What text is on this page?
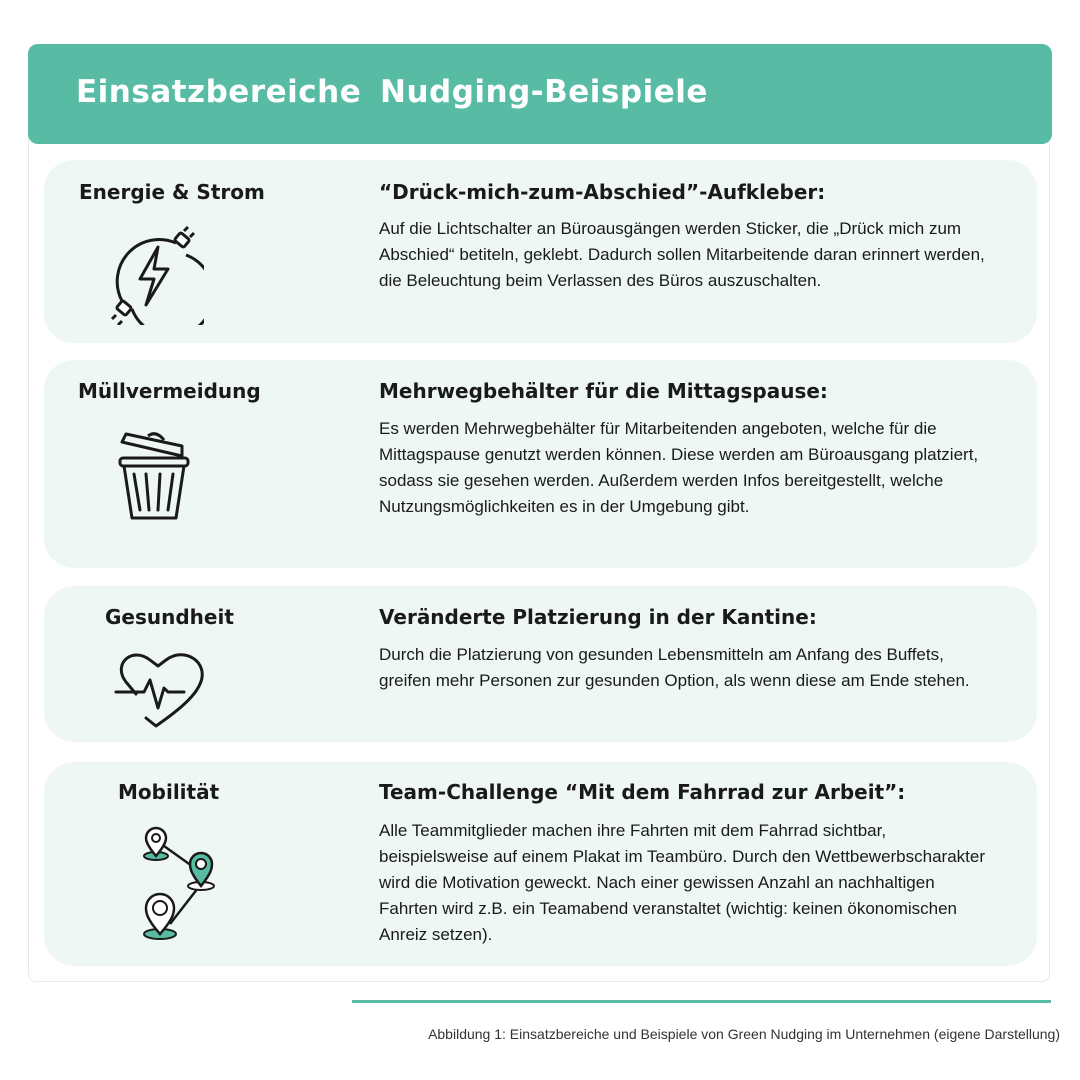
Einsatzbereiche Nudging-Beispiele
Energie & Strom	“Drück-mich-zum-Abschied”-Aufkleber:
Auf die Lichtschalter an Büroausgängen werden Sticker, die „Drück mich zum Abschied“ betiteln, geklebt. Dadurch sollen Mitarbeitende daran erinnert werden, die Beleuchtung beim Verlassen des Büros auszuschalten.
Müllvermeidung	Mehrwegbehälter für die Mittagspause:
Es werden Mehrwegbehälter für Mitarbeitenden angeboten, welche für die Mittagspause genutzt werden können. Diese werden am Büroausgang platziert, sodass sie gesehen werden. Außerdem werden Infos bereitgestellt, welche Nutzungsmöglichkeiten es in der Umgebung gibt.
Gesundheit	Veränderte Platzierung in der Kantine:
Durch die Platzierung von gesunden Lebensmitteln am Anfang des Buffets, greifen mehr Personen zur gesunden Option, als wenn diese am Ende stehen.
Mobilität	Team-Challenge “Mit dem Fahrrad zur Arbeit”:
Alle Teammitglieder machen ihre Fahrten mit dem Fahrrad sichtbar, beispielsweise auf einem Plakat im Teambüro. Durch den Wettbewerbscharakter wird die Motivation geweckt. Nach einer gewissen Anzahl an nachhaltigen Fahrten wird z.B. ein Teamabend veranstaltet (wichtig: keinen ökonomischen Anreiz setzen).
Abbildung 1: Einsatzbereiche und Beispiele von Green Nudging im Unternehmen (eigene Darstellung)
